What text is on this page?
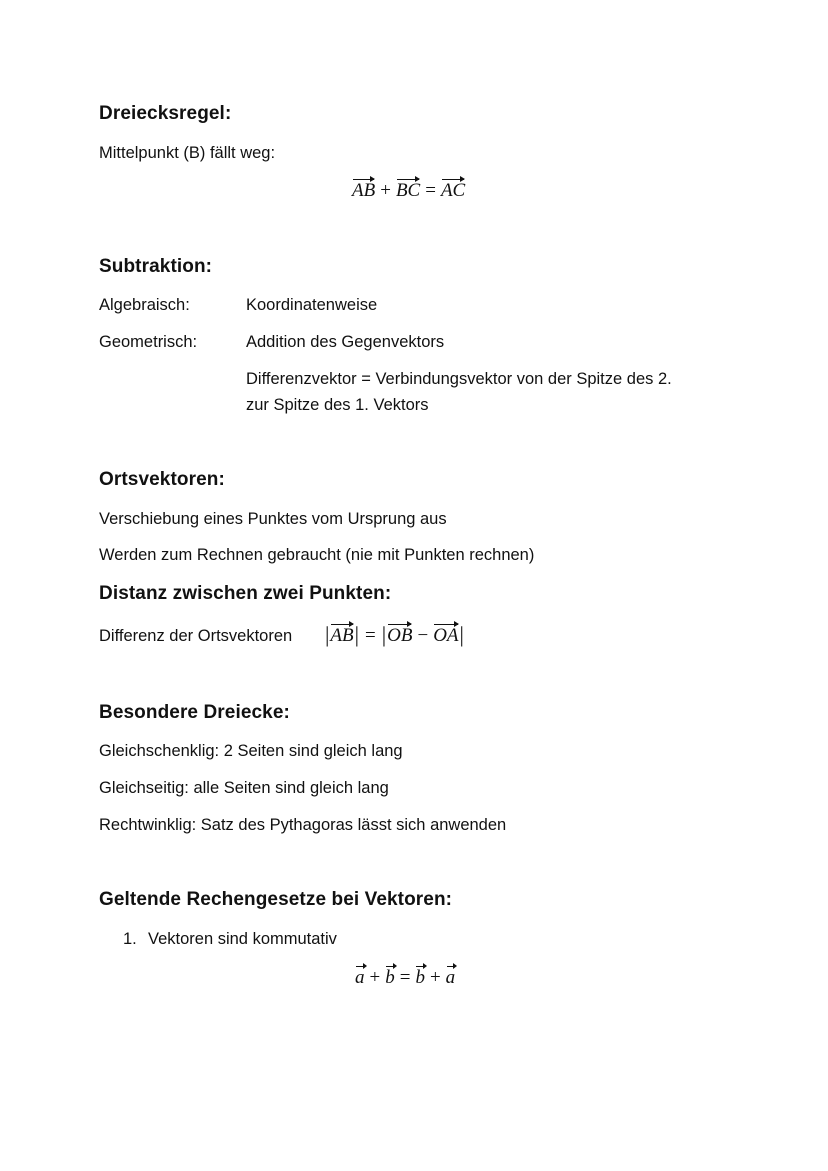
Dreiecksregel:
Mittelpunkt (B) fällt weg:
AB + BC = AC
Subtraktion:
Algebraisch:	Koordinatenweise
Geometrisch:	Addition des Gegenvektors
Differenzvektor = Verbindungsvektor von der Spitze des 2.
zur Spitze des 1. Vektors
Ortsvektoren:
Verschiebung eines Punktes vom Ursprung aus
Werden zum Rechnen gebraucht (nie mit Punkten rechnen)
Distanz zwischen zwei Punkten:
Differenz der Ortsvektoren |AB| = |OB − OA|
Besondere Dreiecke:
Gleichschenklig: 2 Seiten sind gleich lang
Gleichseitig: alle Seiten sind gleich lang
Rechtwinklig: Satz des Pythagoras lässt sich anwenden
Geltende Rechengesetze bei Vektoren:
1. Vektoren sind kommutativ
a + b = b + a
